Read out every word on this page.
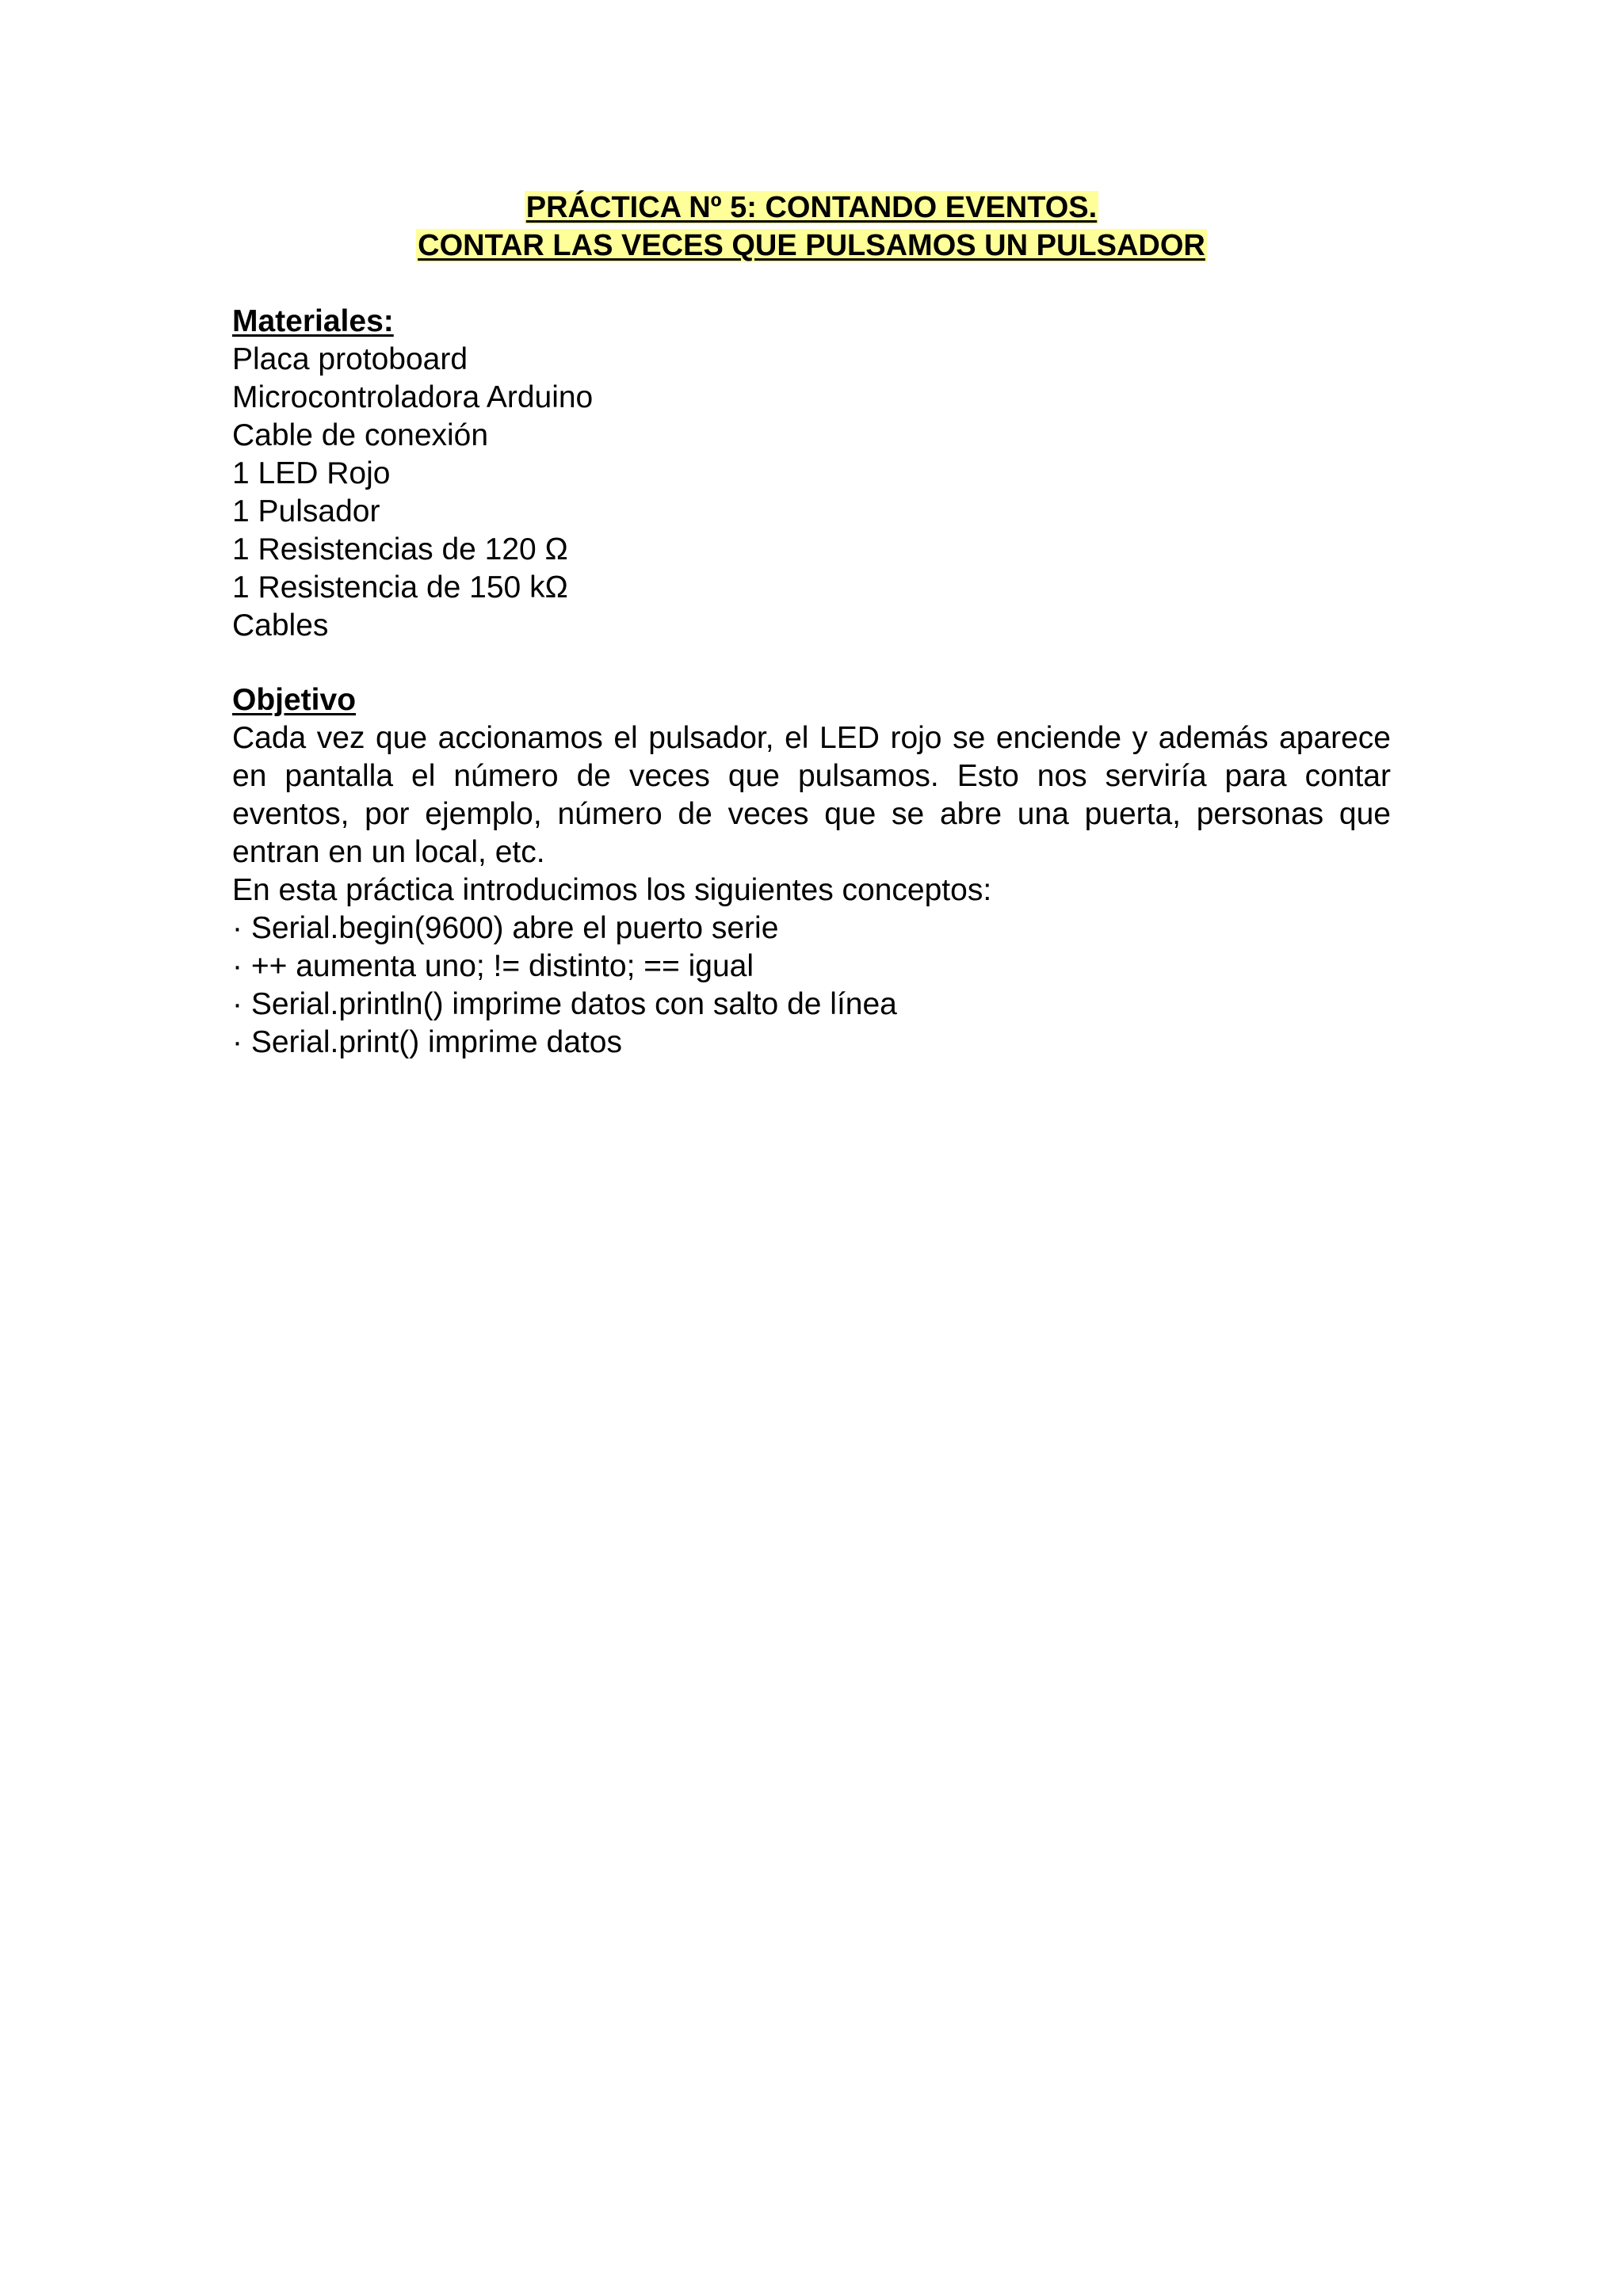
PRÁCTICA Nº 5: CONTANDO EVENTOS.
CONTAR LAS VECES QUE PULSAMOS UN PULSADOR
Materiales:
Placa protoboard
Microcontroladora Arduino
Cable de conexión
1 LED Rojo
1 Pulsador
1 Resistencias de 120 Ω
1 Resistencia de 150 kΩ
Cables
Objetivo
Cada vez que accionamos el pulsador, el LED rojo se enciende y además aparece en pantalla el número de veces que pulsamos. Esto nos serviría para contar eventos, por ejemplo, número de veces que se abre una puerta, personas que entran en un local, etc.
En esta práctica introducimos los siguientes conceptos:
· Serial.begin(9600) abre el puerto serie
· ++ aumenta uno; != distinto; == igual
· Serial.println() imprime datos con salto de línea
· Serial.print() imprime datos
